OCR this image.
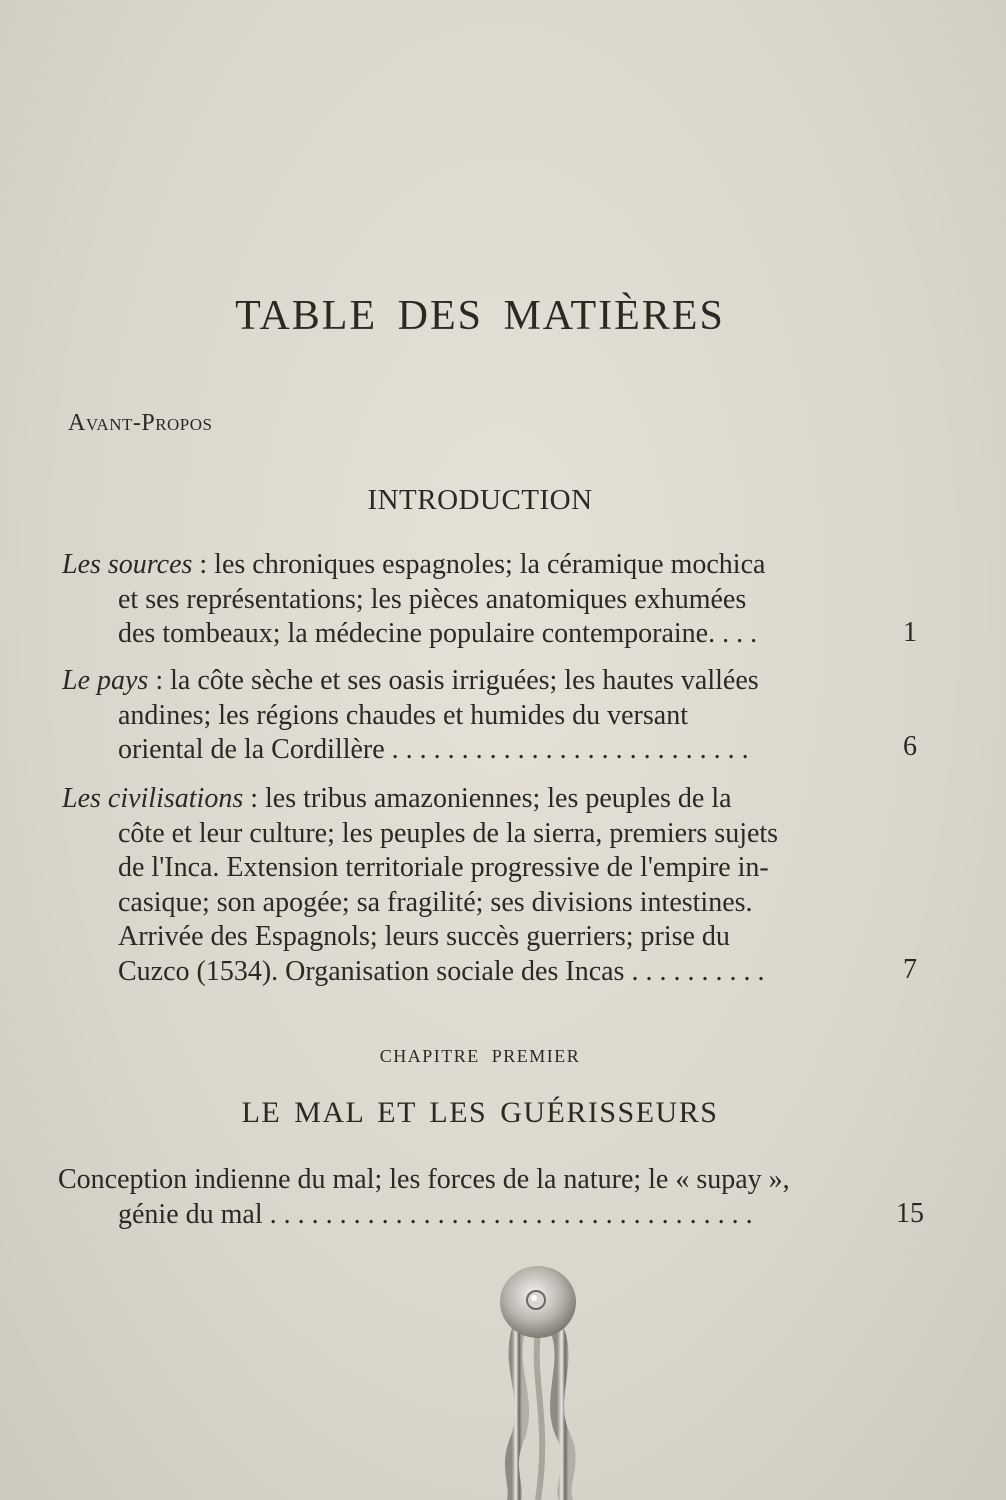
TABLE DES MATIÈRES
Avant-Propos
INTRODUCTION
Les sources : les chroniques espagnoles; la céramique mochica
et ses représentations; les pièces anatomiques exhumées
des tombeaux; la médecine populaire contemporaine. . . .	1
Le pays : la côte sèche et ses oasis irriguées; les hautes vallées
andines; les régions chaudes et humides du versant
oriental de la Cordillère . . . . . . . . . . . . . . . . . . . . . . . . . .	6
Les civilisations : les tribus amazoniennes; les peuples de la
côte et leur culture; les peuples de la sierra, premiers sujets
de l'Inca. Extension territoriale progressive de l'empire in-
casique; son apogée; sa fragilité; ses divisions intestines.
Arrivée des Espagnols; leurs succès guerriers; prise du
Cuzco (1534). Organisation sociale des Incas . . . . . . . . . .	7
CHAPITRE PREMIER
LE MAL ET LES GUÉRISSEURS
Conception indienne du mal; les forces de la nature; le « supay »,
génie du mal . . . . . . . . . . . . . . . . . . . . . . . . . . . . . . . . . . .	15
